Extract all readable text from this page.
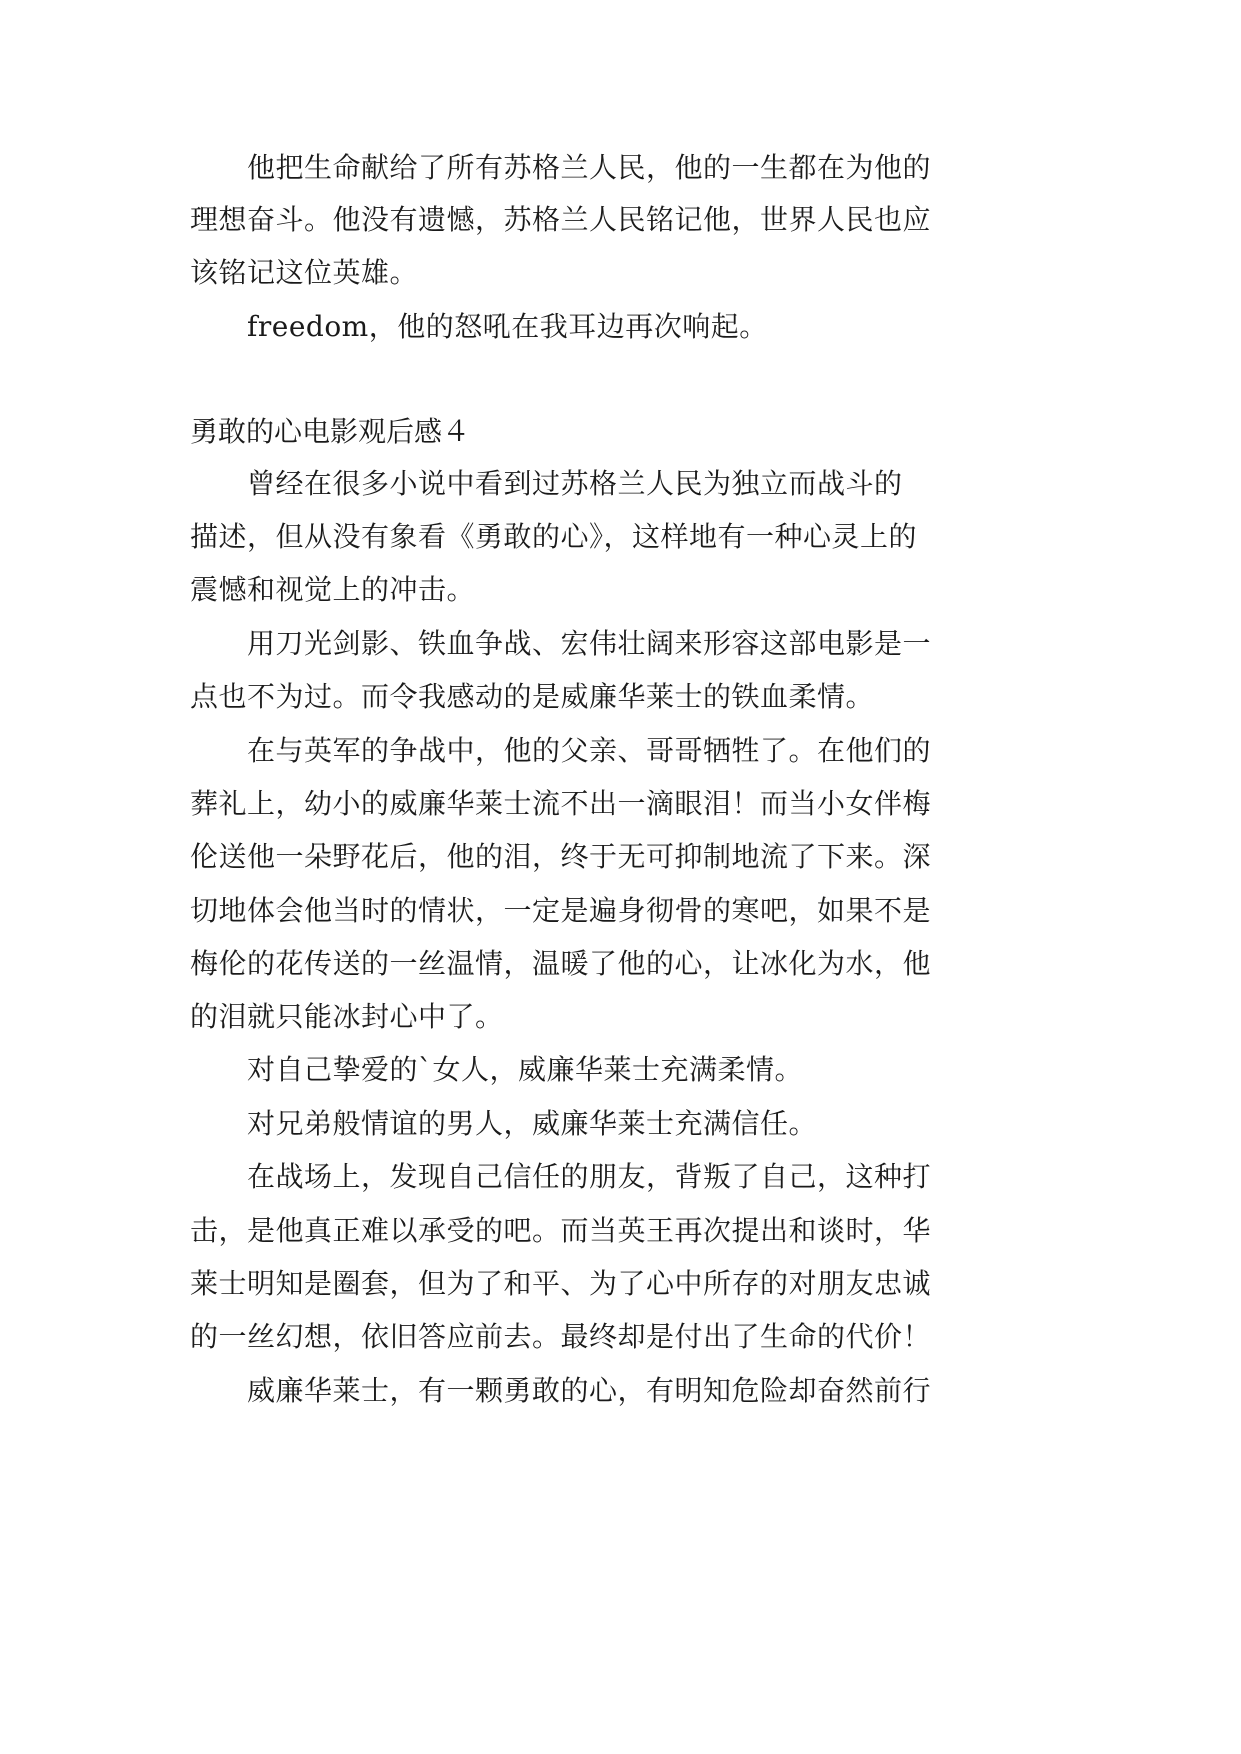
　　他把生命献给了所有苏格兰人民，他的一生都在为他的
理想奋斗。他没有遗憾，苏格兰人民铭记他，世界人民也应
该铭记这位英雄。
　　freedom，他的怒吼在我耳边再次响起。
勇敢的心电影观后感４
　　曾经在很多小说中看到过苏格兰人民为独立而战斗的
描述，但从没有象看《勇敢的心》，这样地有一种心灵上的
震憾和视觉上的冲击。
　　用刀光剑影、铁血争战、宏伟壮阔来形容这部电影是一
点也不为过。而令我感动的是威廉华莱士的铁血柔情。
　　在与英军的争战中，他的父亲、哥哥牺牲了。在他们的
葬礼上，幼小的威廉华莱士流不出一滴眼泪！而当小女伴梅
伦送他一朵野花后，他的泪，终于无可抑制地流了下来。深
切地体会他当时的情状，一定是遍身彻骨的寒吧，如果不是
梅伦的花传送的一丝温情，温暖了他的心，让冰化为水，他
的泪就只能冰封心中了。
　　对自己挚爱的`女人，威廉华莱士充满柔情。
　　对兄弟般情谊的男人，威廉华莱士充满信任。
　　在战场上，发现自己信任的朋友，背叛了自己，这种打
击，是他真正难以承受的吧。而当英王再次提出和谈时，华
莱士明知是圈套，但为了和平、为了心中所存的对朋友忠诚
的一丝幻想，依旧答应前去。最终却是付出了生命的代价！
　　威廉华莱士，有一颗勇敢的心，有明知危险却奋然前行
